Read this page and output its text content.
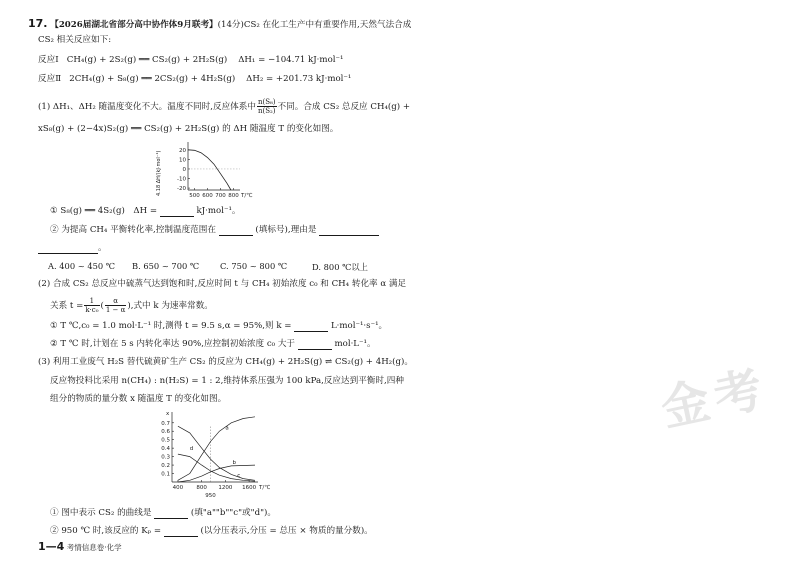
金考
17. 【2026届湖北省部分高中协作体9月联考】(14分)CS₂ 在化工生产中有重要作用,天然气法合成
CS₂ 相关反应如下:
反应Ⅰ CH₄(g) + 2S₂(g) ══ CS₂(g) + 2H₂S(g) ΔH₁ = −104.71 kJ·mol⁻¹
反应Ⅱ 2CH₄(g) + S₈(g) ══ 2CS₂(g) + 4H₂S(g) ΔH₂ = +201.73 kJ·mol⁻¹
(1) ΔH₁、ΔH₂ 随温度变化不大。温度不同时,反应体系中 $\frac{\text{n(S₈)}}{\text{n(S₂)}}$ 不同。合成 CS₂ 总反应 CH₄(g) +
xS₈(g) + (2−4x)S₂(g) ══ CS₂(g) + 2H₂S(g) 的 ΔH 随温度 T 的变化如图。
500 600 700 800
20
10
0
-10
-20
T/℃
4.18 ΔH/(kJ·mol⁻¹)
① S₈(g) ══ 4S₂(g)　ΔH =	kJ·mol⁻¹。
② 为提高 CH₄ 平衡转化率,控制温度范围在	(填标号),理由是
。
A. 400 ~ 450 ℃ B. 650 ~ 700 ℃	C. 750 ~ 800 ℃	D. 800 ℃以上
(2) 合成 CS₂ 总反应中硫蒸气达到饱和时,反应时间 t 与 CH₄ 初始浓度 c₀ 和 CH₄ 转化率 α 满足
关系 $t = \frac{1}{\text{k·c₀}}$ ( $\frac{\alpha}{1 - \alpha}$ ),式中 k 为速率常数。
① T ℃,c₀ = 1.0 mol·L⁻¹ 时,测得 t = 9.5 s,α = 95%,则 k =	L·mol⁻¹·s⁻¹。
② T ℃ 时,计划在 5 s 内转化率达 90%,应控制初始浓度 c₀ 大于	mol·L⁻¹。
(3) 利用工业废气 H₂S 替代硫黄矿生产 CS₂ 的反应为 CH₄(g) + 2H₂S(g) ⇌ CS₂(g) + 4H₂(g)。
反应物投料比采用 n(CH₄) : n(H₂S) = 1 : 2,维持体系压强为 100 kPa,反应达到平衡时,四种
组分的物质的量分数 x 随温度 T 的变化如图。
400 800 1200 1600
0.1
0.2
0.3
0.4
0.5
0.6
0.7
T/℃
x
950
a
b
c
d
① 图中表示 CS₂ 的曲线是	(填"a""b""c"或"d")。
② 950 ℃ 时,该反应的 Kₚ =	(以分压表示,分压 = 总压 × 物质的量分数)。
1—4 考情信息卷·化学
